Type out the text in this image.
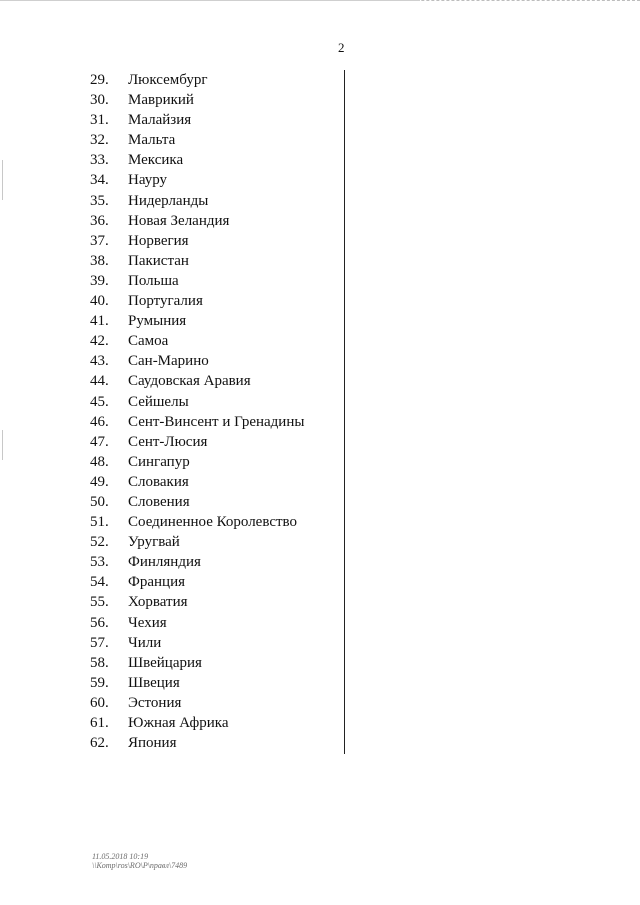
2
29.	Люксембург
30.	Маврикий
31.	Малайзия
32.	Мальта
33.	Мексика
34.	Науру
35.	Нидерланды
36.	Новая Зеландия
37.	Норвегия
38.	Пакистан
39.	Польша
40.	Португалия
41.	Румыния
42.	Самоа
43.	Сан-Марино
44.	Саудовская Аравия
45.	Сейшелы
46.	Сент-Винсент и Гренадины
47.	Сент-Люсия
48.	Сингапур
49.	Словакия
50.	Словения
51.	Соединенное Королевство
52.	Уругвай
53.	Финляндия
54.	Франция
55.	Хорватия
56.	Чехия
57.	Чили
58.	Швейцария
59.	Швеция
60.	Эстония
61.	Южная Африка
62.	Япония
11.05.2018 10:19
\\Komp\ros\RO\Р\правл\7489
